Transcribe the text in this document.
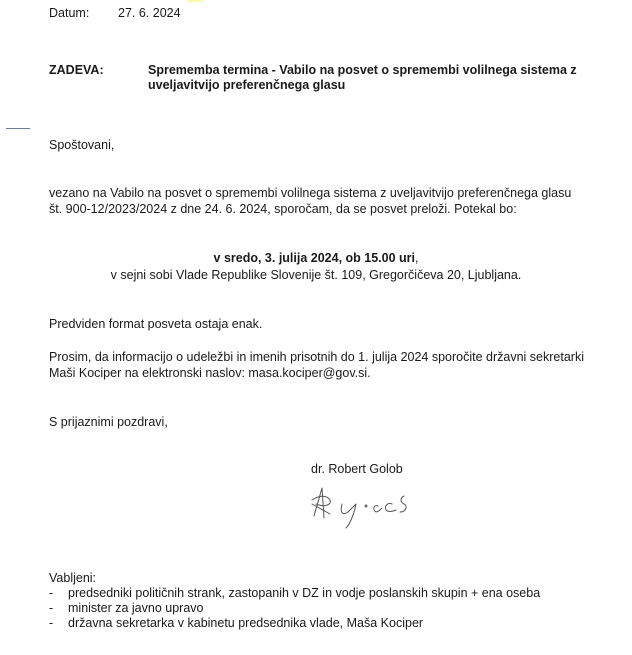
Datum: 27. 6. 2024
ZADEVA:	Sprememba termina - Vabilo na posvet o spremembi volilnega sistema z
uveljavitvijo preferenčnega glasu
Spoštovani,
vezano na Vabilo na posvet o spremembi volilnega sistema z uveljavitvijo preferenčnega glasu
št. 900-12/2023/2024 z dne 24. 6. 2024, sporočam, da se posvet preloži. Potekal bo:
v sredo, 3. julija 2024, ob 15.00 uri,
v sejni sobi Vlade Republike Slovenije št. 109, Gregorčičeva 20, Ljubljana.
Predviden format posveta ostaja enak.
Prosim, da informacijo o udeležbi in imenih prisotnih do 1. julija 2024 sporočite državni sekretarki
Maši Kociper na elektronski naslov: masa.kociper@gov.si.
S prijaznimi pozdravi,
dr. Robert Golob
Vabljeni:
- predsedniki političnih strank, zastopanih v DZ in vodje poslanskih skupin + ena oseba
- minister za javno upravo
- državna sekretarka v kabinetu predsednika vlade, Maša Kociper
